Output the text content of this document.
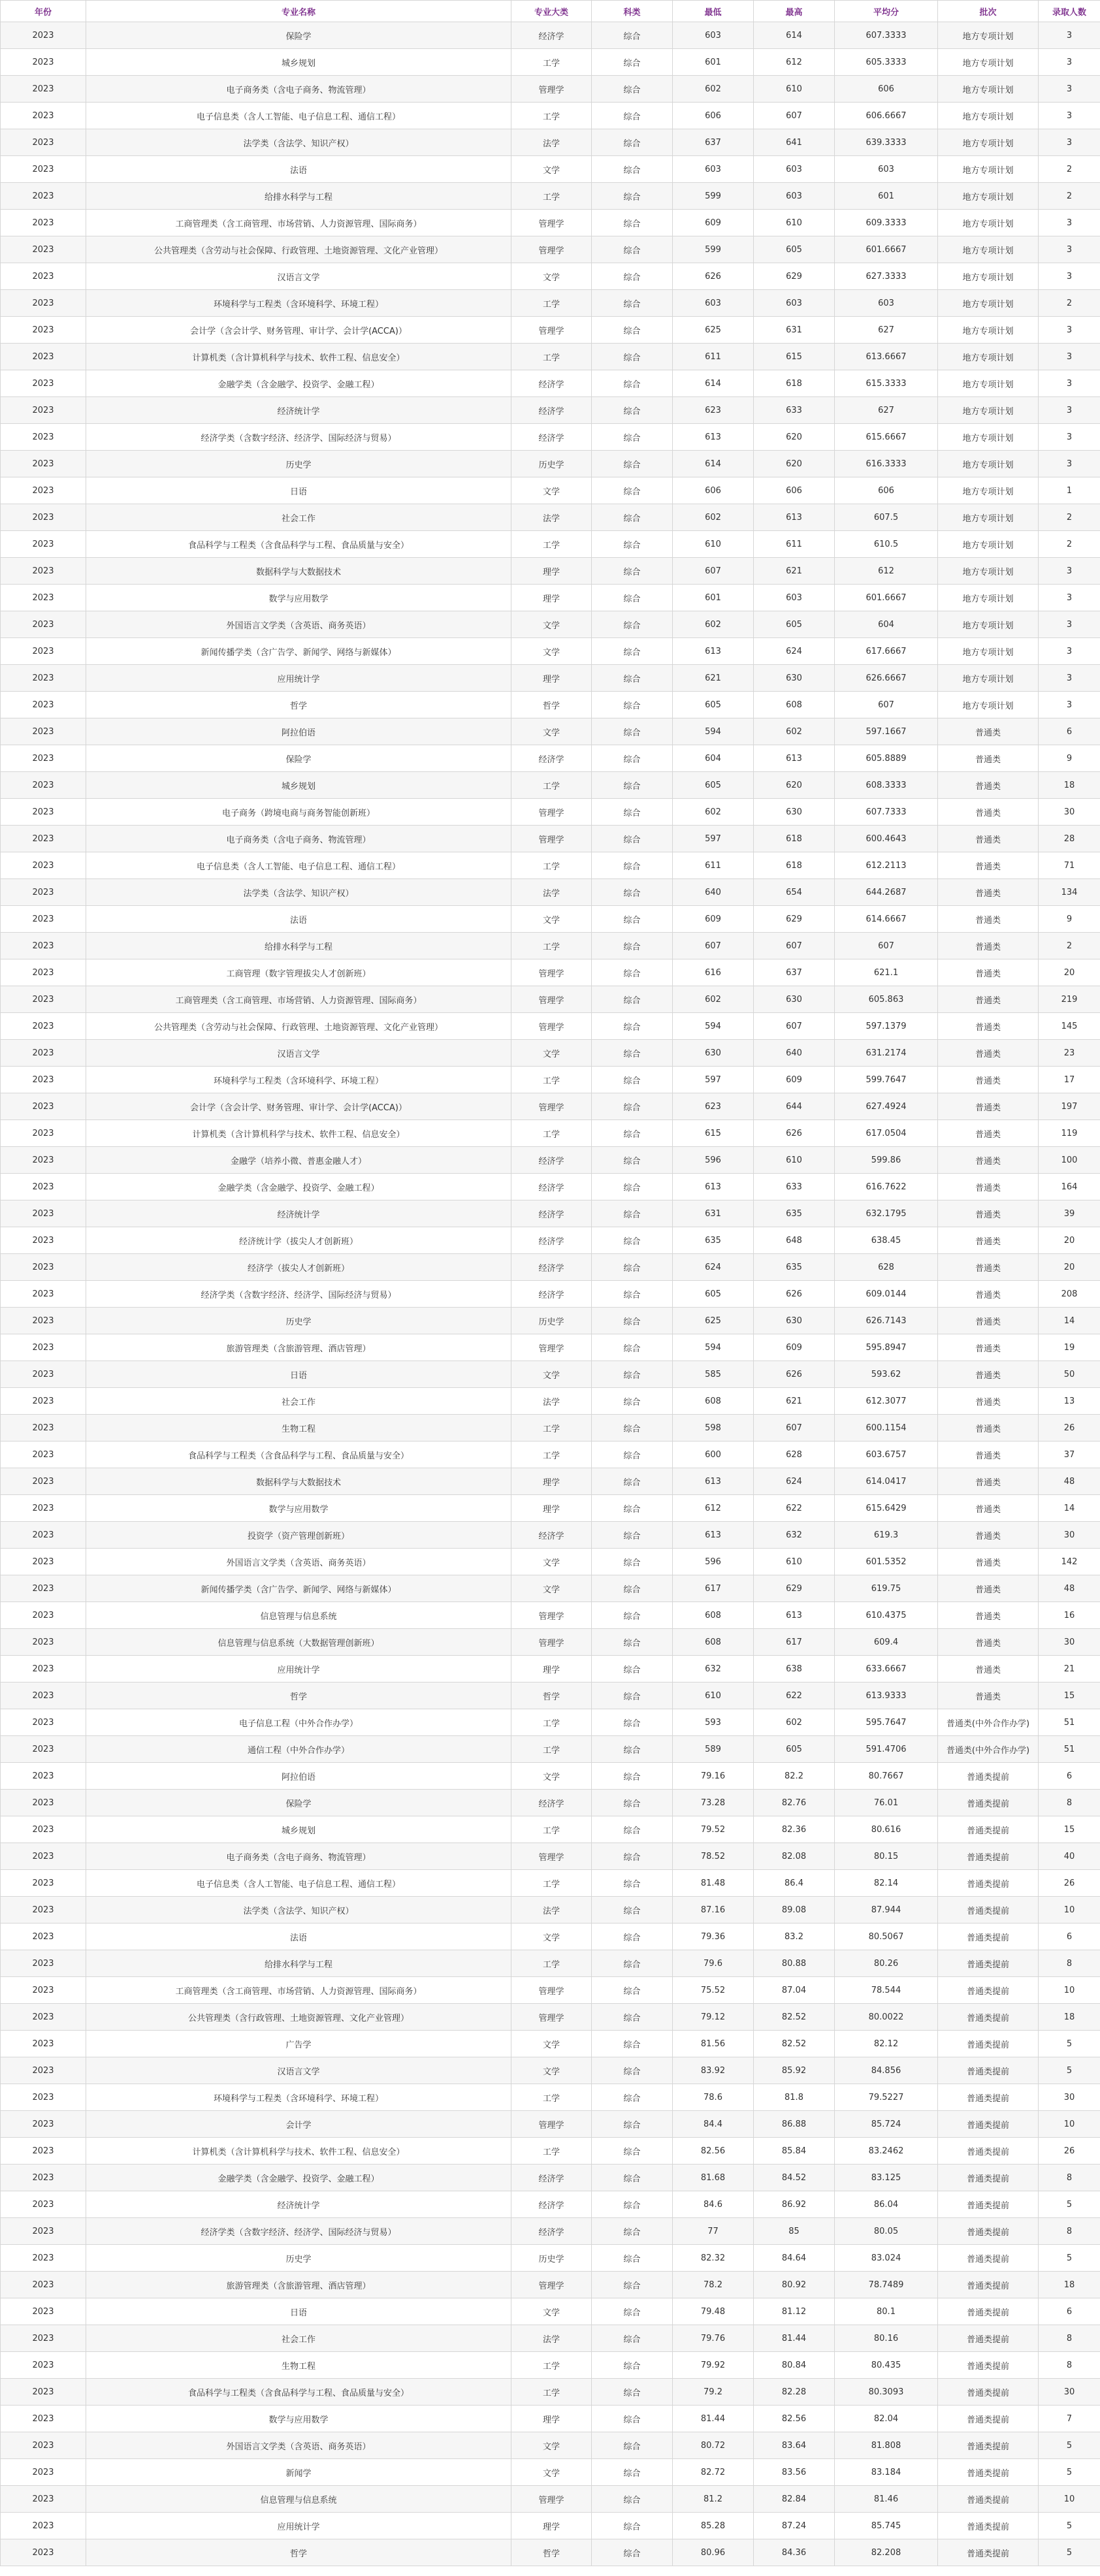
年份	专业名称	专业大类	科类	最低	最高	平均分	批次	录取人数
2023	保险学	经济学	综合	603	614	607.3333	地方专项计划	3
2023	城乡规划	工学	综合	601	612	605.3333	地方专项计划	3
2023	电子商务类（含电子商务、物流管理）	管理学	综合	602	610	606	地方专项计划	3
2023	电子信息类（含人工智能、电子信息工程、通信工程）	工学	综合	606	607	606.6667	地方专项计划	3
2023	法学类（含法学、知识产权）	法学	综合	637	641	639.3333	地方专项计划	3
2023	法语	文学	综合	603	603	603	地方专项计划	2
2023	给排水科学与工程	工学	综合	599	603	601	地方专项计划	2
2023	工商管理类（含工商管理、市场营销、人力资源管理、国际商务）	管理学	综合	609	610	609.3333	地方专项计划	3
2023	公共管理类（含劳动与社会保障、行政管理、土地资源管理、文化产业管理）	管理学	综合	599	605	601.6667	地方专项计划	3
2023	汉语言文学	文学	综合	626	629	627.3333	地方专项计划	3
2023	环境科学与工程类（含环境科学、环境工程）	工学	综合	603	603	603	地方专项计划	2
2023	会计学（含会计学、财务管理、审计学、会计学(ACCA)）	管理学	综合	625	631	627	地方专项计划	3
2023	计算机类（含计算机科学与技术、软件工程、信息安全）	工学	综合	611	615	613.6667	地方专项计划	3
2023	金融学类（含金融学、投资学、金融工程）	经济学	综合	614	618	615.3333	地方专项计划	3
2023	经济统计学	经济学	综合	623	633	627	地方专项计划	3
2023	经济学类（含数字经济、经济学、国际经济与贸易）	经济学	综合	613	620	615.6667	地方专项计划	3
2023	历史学	历史学	综合	614	620	616.3333	地方专项计划	3
2023	日语	文学	综合	606	606	606	地方专项计划	1
2023	社会工作	法学	综合	602	613	607.5	地方专项计划	2
2023	食品科学与工程类（含食品科学与工程、食品质量与安全）	工学	综合	610	611	610.5	地方专项计划	2
2023	数据科学与大数据技术	理学	综合	607	621	612	地方专项计划	3
2023	数学与应用数学	理学	综合	601	603	601.6667	地方专项计划	3
2023	外国语言文学类（含英语、商务英语）	文学	综合	602	605	604	地方专项计划	3
2023	新闻传播学类（含广告学、新闻学、网络与新媒体）	文学	综合	613	624	617.6667	地方专项计划	3
2023	应用统计学	理学	综合	621	630	626.6667	地方专项计划	3
2023	哲学	哲学	综合	605	608	607	地方专项计划	3
2023	阿拉伯语	文学	综合	594	602	597.1667	普通类	6
2023	保险学	经济学	综合	604	613	605.8889	普通类	9
2023	城乡规划	工学	综合	605	620	608.3333	普通类	18
2023	电子商务（跨境电商与商务智能创新班）	管理学	综合	602	630	607.7333	普通类	30
2023	电子商务类（含电子商务、物流管理）	管理学	综合	597	618	600.4643	普通类	28
2023	电子信息类（含人工智能、电子信息工程、通信工程）	工学	综合	611	618	612.2113	普通类	71
2023	法学类（含法学、知识产权）	法学	综合	640	654	644.2687	普通类	134
2023	法语	文学	综合	609	629	614.6667	普通类	9
2023	给排水科学与工程	工学	综合	607	607	607	普通类	2
2023	工商管理（数字管理拔尖人才创新班）	管理学	综合	616	637	621.1	普通类	20
2023	工商管理类（含工商管理、市场营销、人力资源管理、国际商务）	管理学	综合	602	630	605.863	普通类	219
2023	公共管理类（含劳动与社会保障、行政管理、土地资源管理、文化产业管理）	管理学	综合	594	607	597.1379	普通类	145
2023	汉语言文学	文学	综合	630	640	631.2174	普通类	23
2023	环境科学与工程类（含环境科学、环境工程）	工学	综合	597	609	599.7647	普通类	17
2023	会计学（含会计学、财务管理、审计学、会计学(ACCA)）	管理学	综合	623	644	627.4924	普通类	197
2023	计算机类（含计算机科学与技术、软件工程、信息安全）	工学	综合	615	626	617.0504	普通类	119
2023	金融学（培养小微、普惠金融人才）	经济学	综合	596	610	599.86	普通类	100
2023	金融学类（含金融学、投资学、金融工程）	经济学	综合	613	633	616.7622	普通类	164
2023	经济统计学	经济学	综合	631	635	632.1795	普通类	39
2023	经济统计学（拔尖人才创新班）	经济学	综合	635	648	638.45	普通类	20
2023	经济学（拔尖人才创新班）	经济学	综合	624	635	628	普通类	20
2023	经济学类（含数字经济、经济学、国际经济与贸易）	经济学	综合	605	626	609.0144	普通类	208
2023	历史学	历史学	综合	625	630	626.7143	普通类	14
2023	旅游管理类（含旅游管理、酒店管理）	管理学	综合	594	609	595.8947	普通类	19
2023	日语	文学	综合	585	626	593.62	普通类	50
2023	社会工作	法学	综合	608	621	612.3077	普通类	13
2023	生物工程	工学	综合	598	607	600.1154	普通类	26
2023	食品科学与工程类（含食品科学与工程、食品质量与安全）	工学	综合	600	628	603.6757	普通类	37
2023	数据科学与大数据技术	理学	综合	613	624	614.0417	普通类	48
2023	数学与应用数学	理学	综合	612	622	615.6429	普通类	14
2023	投资学（资产管理创新班）	经济学	综合	613	632	619.3	普通类	30
2023	外国语言文学类（含英语、商务英语）	文学	综合	596	610	601.5352	普通类	142
2023	新闻传播学类（含广告学、新闻学、网络与新媒体）	文学	综合	617	629	619.75	普通类	48
2023	信息管理与信息系统	管理学	综合	608	613	610.4375	普通类	16
2023	信息管理与信息系统（大数据管理创新班）	管理学	综合	608	617	609.4	普通类	30
2023	应用统计学	理学	综合	632	638	633.6667	普通类	21
2023	哲学	哲学	综合	610	622	613.9333	普通类	15
2023	电子信息工程（中外合作办学）	工学	综合	593	602	595.7647	普通类(中外合作办学)	51
2023	通信工程（中外合作办学）	工学	综合	589	605	591.4706	普通类(中外合作办学)	51
2023	阿拉伯语	文学	综合	79.16	82.2	80.7667	普通类提前	6
2023	保险学	经济学	综合	73.28	82.76	76.01	普通类提前	8
2023	城乡规划	工学	综合	79.52	82.36	80.616	普通类提前	15
2023	电子商务类（含电子商务、物流管理）	管理学	综合	78.52	82.08	80.15	普通类提前	40
2023	电子信息类（含人工智能、电子信息工程、通信工程）	工学	综合	81.48	86.4	82.14	普通类提前	26
2023	法学类（含法学、知识产权）	法学	综合	87.16	89.08	87.944	普通类提前	10
2023	法语	文学	综合	79.36	83.2	80.5067	普通类提前	6
2023	给排水科学与工程	工学	综合	79.6	80.88	80.26	普通类提前	8
2023	工商管理类（含工商管理、市场营销、人力资源管理、国际商务）	管理学	综合	75.52	87.04	78.544	普通类提前	10
2023	公共管理类（含行政管理、土地资源管理、文化产业管理）	管理学	综合	79.12	82.52	80.0022	普通类提前	18
2023	广告学	文学	综合	81.56	82.52	82.12	普通类提前	5
2023	汉语言文学	文学	综合	83.92	85.92	84.856	普通类提前	5
2023	环境科学与工程类（含环境科学、环境工程）	工学	综合	78.6	81.8	79.5227	普通类提前	30
2023	会计学	管理学	综合	84.4	86.88	85.724	普通类提前	10
2023	计算机类（含计算机科学与技术、软件工程、信息安全）	工学	综合	82.56	85.84	83.2462	普通类提前	26
2023	金融学类（含金融学、投资学、金融工程）	经济学	综合	81.68	84.52	83.125	普通类提前	8
2023	经济统计学	经济学	综合	84.6	86.92	86.04	普通类提前	5
2023	经济学类（含数字经济、经济学、国际经济与贸易）	经济学	综合	77	85	80.05	普通类提前	8
2023	历史学	历史学	综合	82.32	84.64	83.024	普通类提前	5
2023	旅游管理类（含旅游管理、酒店管理）	管理学	综合	78.2	80.92	78.7489	普通类提前	18
2023	日语	文学	综合	79.48	81.12	80.1	普通类提前	6
2023	社会工作	法学	综合	79.76	81.44	80.16	普通类提前	8
2023	生物工程	工学	综合	79.92	80.84	80.435	普通类提前	8
2023	食品科学与工程类（含食品科学与工程、食品质量与安全）	工学	综合	79.2	82.28	80.3093	普通类提前	30
2023	数学与应用数学	理学	综合	81.44	82.56	82.04	普通类提前	7
2023	外国语言文学类（含英语、商务英语）	文学	综合	80.72	83.64	81.808	普通类提前	5
2023	新闻学	文学	综合	82.72	83.56	83.184	普通类提前	5
2023	信息管理与信息系统	管理学	综合	81.2	82.84	81.46	普通类提前	10
2023	应用统计学	理学	综合	85.28	87.24	85.745	普通类提前	5
2023	哲学	哲学	综合	80.96	84.36	82.208	普通类提前	5
